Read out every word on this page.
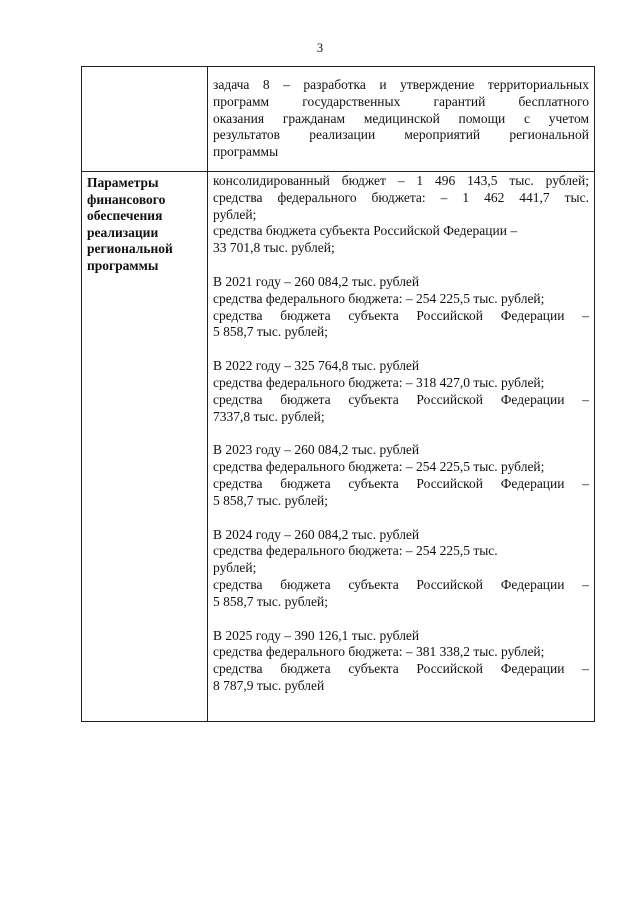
3
задача 8 – разработка и утверждение территориальных
программ государственных гарантий бесплатного
оказания гражданам медицинской помощи с учетом
результатов реализации мероприятий региональной
программы
Параметры
финансового
обеспечения
реализации
региональной
программы
консолидированный бюджет – 1 496 143,5 тыс. рублей;
средства федерального бюджета: – 1 462 441,7 тыс.
рублей;
средства бюджета субъекта Российской Федерации –
33 701,8 тыс. рублей;
В 2021 году – 260 084,2 тыс. рублей
средства федерального бюджета: – 254 225,5 тыс. рублей;
средства бюджета субъекта Российской Федерации –
5 858,7 тыс. рублей;
В 2022 году – 325 764,8 тыс. рублей
средства федерального бюджета: – 318 427,0 тыс. рублей;
средства бюджета субъекта Российской Федерации –
7337,8 тыс. рублей;
В 2023 году – 260 084,2 тыс. рублей
средства федерального бюджета: – 254 225,5 тыс. рублей;
средства бюджета субъекта Российской Федерации –
5 858,7 тыс. рублей;
В 2024 году – 260 084,2 тыс. рублей
средства федерального бюджета: – 254 225,5 тыс.
рублей;
средства бюджета субъекта Российской Федерации –
5 858,7 тыс. рублей;
В 2025 году – 390 126,1 тыс. рублей
средства федерального бюджета: – 381 338,2 тыс. рублей;
средства бюджета субъекта Российской Федерации –
8 787,9 тыс. рублей
